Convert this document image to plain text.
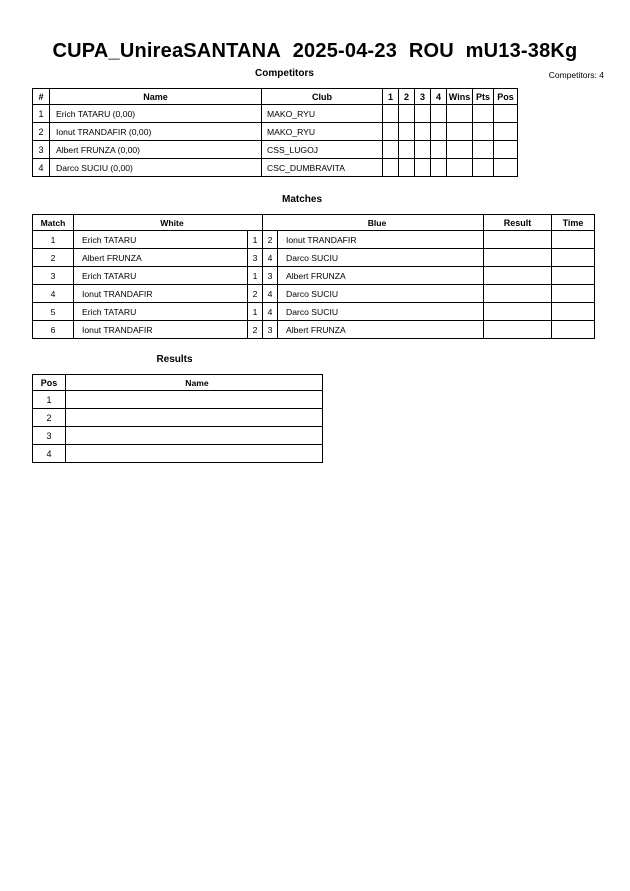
CUPA_UnireaSANTANA 2025-04-23 ROU mU13-38Kg
Competitors	Competitors: 4
#	Name	Club	1	2	3	4	Wins	Pts	Pos
1	Erich TATARU (0,00)	MAKO_RYU							
2	Ionut TRANDAFIR (0,00)	MAKO_RYU							
3	Albert FRUNZA (0,00)	CSS_LUGOJ							
4	Darco SUCIU (0,00)	CSC_DUMBRAVITA							
Matches
Match	White		Blue		Result	Time
1	Erich TATARU	1	2	Ionut TRANDAFIR		
2	Albert FRUNZA	3	4	Darco SUCIU		
3	Erich TATARU	1	3	Albert FRUNZA		
4	Ionut TRANDAFIR	2	4	Darco SUCIU		
5	Erich TATARU	1	4	Darco SUCIU		
6	Ionut TRANDAFIR	2	3	Albert FRUNZA		
Results
Pos	Name
1	
2	
3	
4	
